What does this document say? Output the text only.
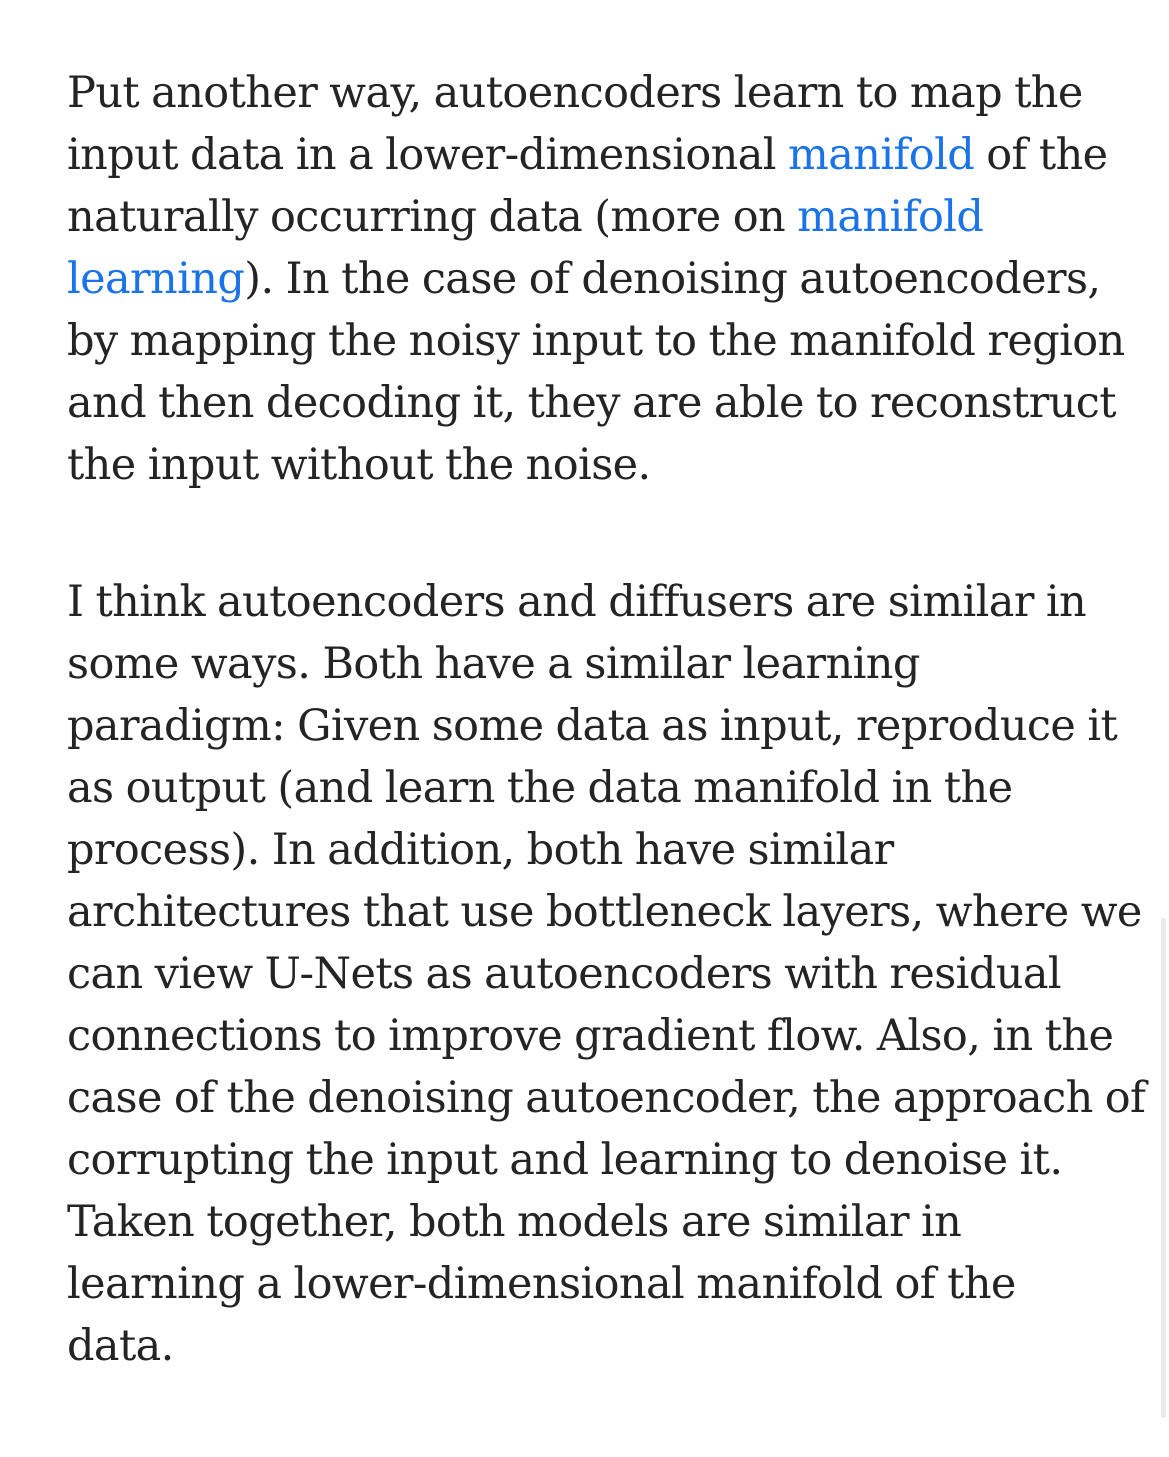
Put another way, autoencoders learn to map the
input data in a lower-dimensional manifold of the
naturally occurring data (more on manifold
learning). In the case of denoising autoencoders,
by mapping the noisy input to the manifold region
and then decoding it, they are able to reconstruct
the input without the noise.

I think autoencoders and diffusers are similar in
some ways. Both have a similar learning
paradigm: Given some data as input, reproduce it
as output (and learn the data manifold in the
process). In addition, both have similar
architectures that use bottleneck layers, where we
can view U-Nets as autoencoders with residual
connections to improve gradient flow. Also, in the
case of the denoising autoencoder, the approach of
corrupting the input and learning to denoise it.
Taken together, both models are similar in
learning a lower-dimensional manifold of the
data.
